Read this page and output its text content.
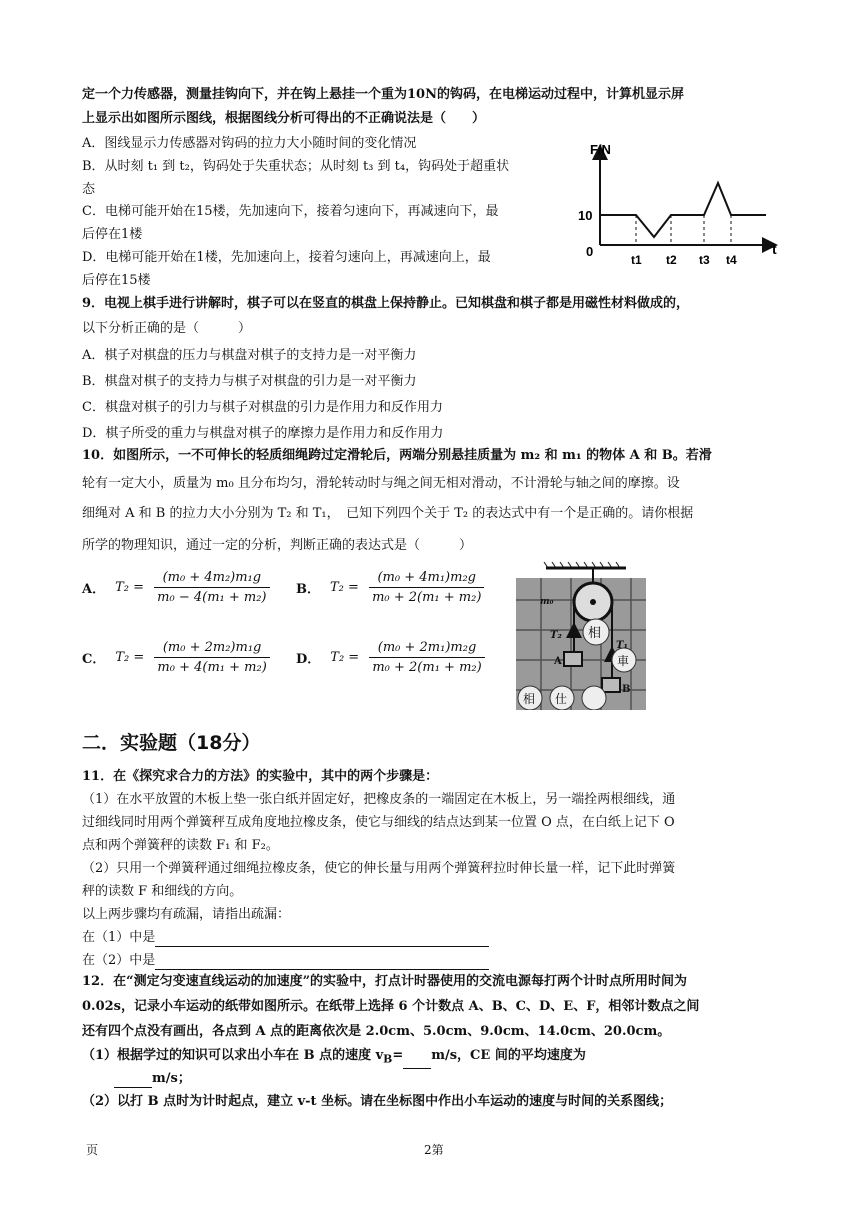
定一个力传感器，测量挂钩向下，并在钩上悬挂一个重为10N的钩码，在电梯运动过程中，计算机显示屏
上显示出如图所示图线，根据图线分析可得出的不正确说法是（　　）
A．图线显示力传感器对钩码的拉力大小随时间的变化情况
B．从时刻 t₁ 到 t₂，钩码处于失重状态；从时刻 t₃ 到 t₄，钩码处于超重状
态
C．电梯可能开始在15楼，先加速向下，接着匀速向下，再减速向下，最
后停在1楼
D．电梯可能开始在1楼，先加速向上，接着匀速向上，再减速向上，最
后停在15楼
F/N
t
10
0
t1 t2 t3 t4
9．电视上棋手进行讲解时，棋子可以在竖直的棋盘上保持静止。已知棋盘和棋子都是用磁性材料做成的，
以下分析正确的是（　　　）
A．棋子对棋盘的压力与棋盘对棋子的支持力是一对平衡力
B．棋盘对棋子的支持力与棋子对棋盘的引力是一对平衡力
C．棋盘对棋子的引力与棋子对棋盘的引力是作用力和反作用力
D．棋子所受的重力与棋盘对棋子的摩擦力是作用力和反作用力
10．如图所示，一不可伸长的轻质细绳跨过定滑轮后，两端分别悬挂质量为 m₂ 和 m₁ 的物体 A 和 B。若滑
轮有一定大小，质量为 m₀ 且分布均匀，滑轮转动时与绳之间无相对滑动，不计滑轮与轴之间的摩擦。设
细绳对 A 和 B 的拉力大小分别为 T₂ 和 T₁，　已知下列四个关于 T₂ 的表达式中有一个是正确的。请你根据
所学的物理知识，通过一定的分析，判断正确的表达式是（　　　）
A． $T_2 = \frac{\text{(m₀ + 4m₂)m₁g}}{\text{m₀ − 4(m₁ + m₂)}}$ B． $T_2 = \frac{\text{(m₀ + 4m₁)m₂g}}{\text{m₀ + 2(m₁ + m₂)}}$
C． $T_2 = \frac{\text{(m₀ + 2m₂)m₁g}}{\text{m₀ + 4(m₁ + m₂)}}$ D． $T_2 = \frac{\text{(m₀ + 2m₁)m₂g}}{\text{m₀ + 2(m₁ + m₂)}}$
m₀
T₂
A
T₁
B
相
車
相 仕
二．实验题（18分）
11．在《探究求合力的方法》的实验中，其中的两个步骤是：
（1）在水平放置的木板上垫一张白纸并固定好，把橡皮条的一端固定在木板上，另一端拴两根细线，通
过细线同时用两个弹簧秤互成角度地拉橡皮条，使它与细线的结点达到某一位置 O 点，在白纸上记下 O
点和两个弹簧秤的读数 F₁ 和 F₂。
（2）只用一个弹簧秤通过细绳拉橡皮条，使它的伸长量与用两个弹簧秤拉时伸长量一样，记下此时弹簧
秤的读数 F 和细线的方向。
以上两步骤均有疏漏，请指出疏漏：
在（1）中是
在（2）中是
12．在“测定匀变速直线运动的加速度”的实验中，打点计时器使用的交流电源每打两个计时点所用时间为
0.02s，记录小车运动的纸带如图所示。在纸带上选择 6 个计数点 A、B、C、D、E、F，相邻计数点之间
还有四个点没有画出，各点到 A 点的距离依次是 2.0cm、5.0cm、9.0cm、14.0cm、20.0cm。
（1）根据学过的知识可以求出小车在 B 点的速度 $v_B= m/s$，CE 间的平均速度为
m/s；
（2）以打 B 点时为计时起点，建立 v-t 坐标。请在坐标图中作出小车运动的速度与时间的关系图线；
页	2第
